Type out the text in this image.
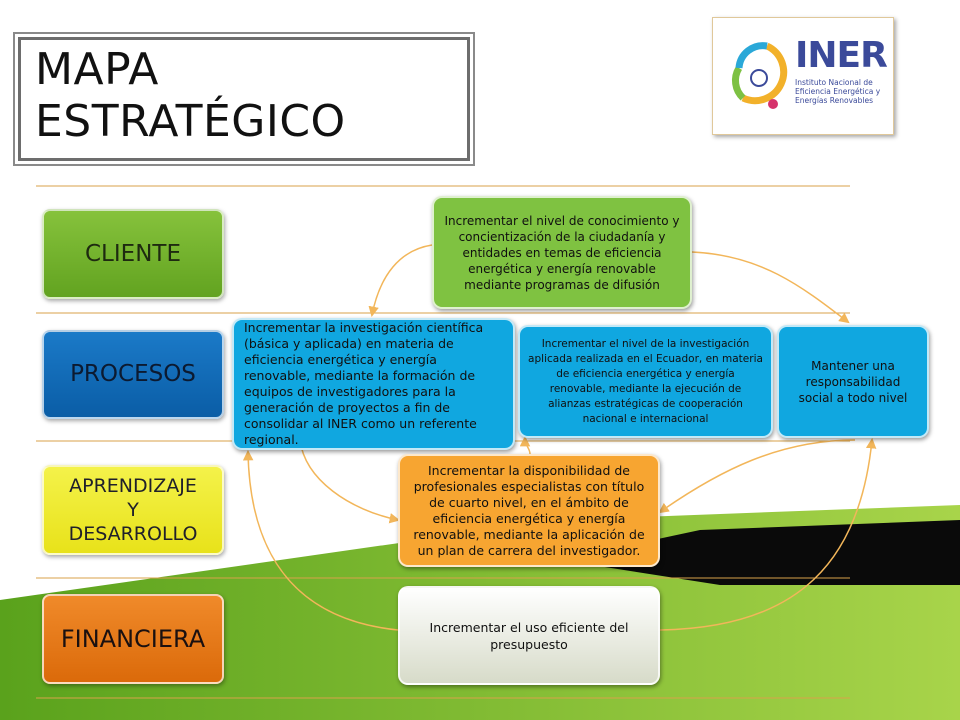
MAPA
ESTRATÉGICO
INER
Instituto Nacional de Eficiencia Energética y Energías Renovables
CLIENTE
PROCESOS
APRENDIZAJE
Y
DESARROLLO
FINANCIERA
Incrementar el nivel de conocimiento y concientización de la ciudadanía y entidades en temas de eficiencia energética y energía renovable mediante programas de difusión
Incrementar la investigación científica (básica y aplicada) en materia de eficiencia energética y energía renovable, mediante la formación de equipos de investigadores para la generación de proyectos a fin de consolidar al INER como un referente regional.
Incrementar el nivel de la investigación aplicada realizada en el Ecuador, en materia de eficiencia energética y energía renovable, mediante la ejecución de alianzas estratégicas de cooperación nacional e internacional
Mantener una responsabilidad social a todo nivel
Incrementar la disponibilidad de profesionales especialistas con título de cuarto nivel, en el ámbito de eficiencia energética y energía renovable, mediante la aplicación de un plan de carrera del investigador.
Incrementar el uso eficiente del presupuesto
